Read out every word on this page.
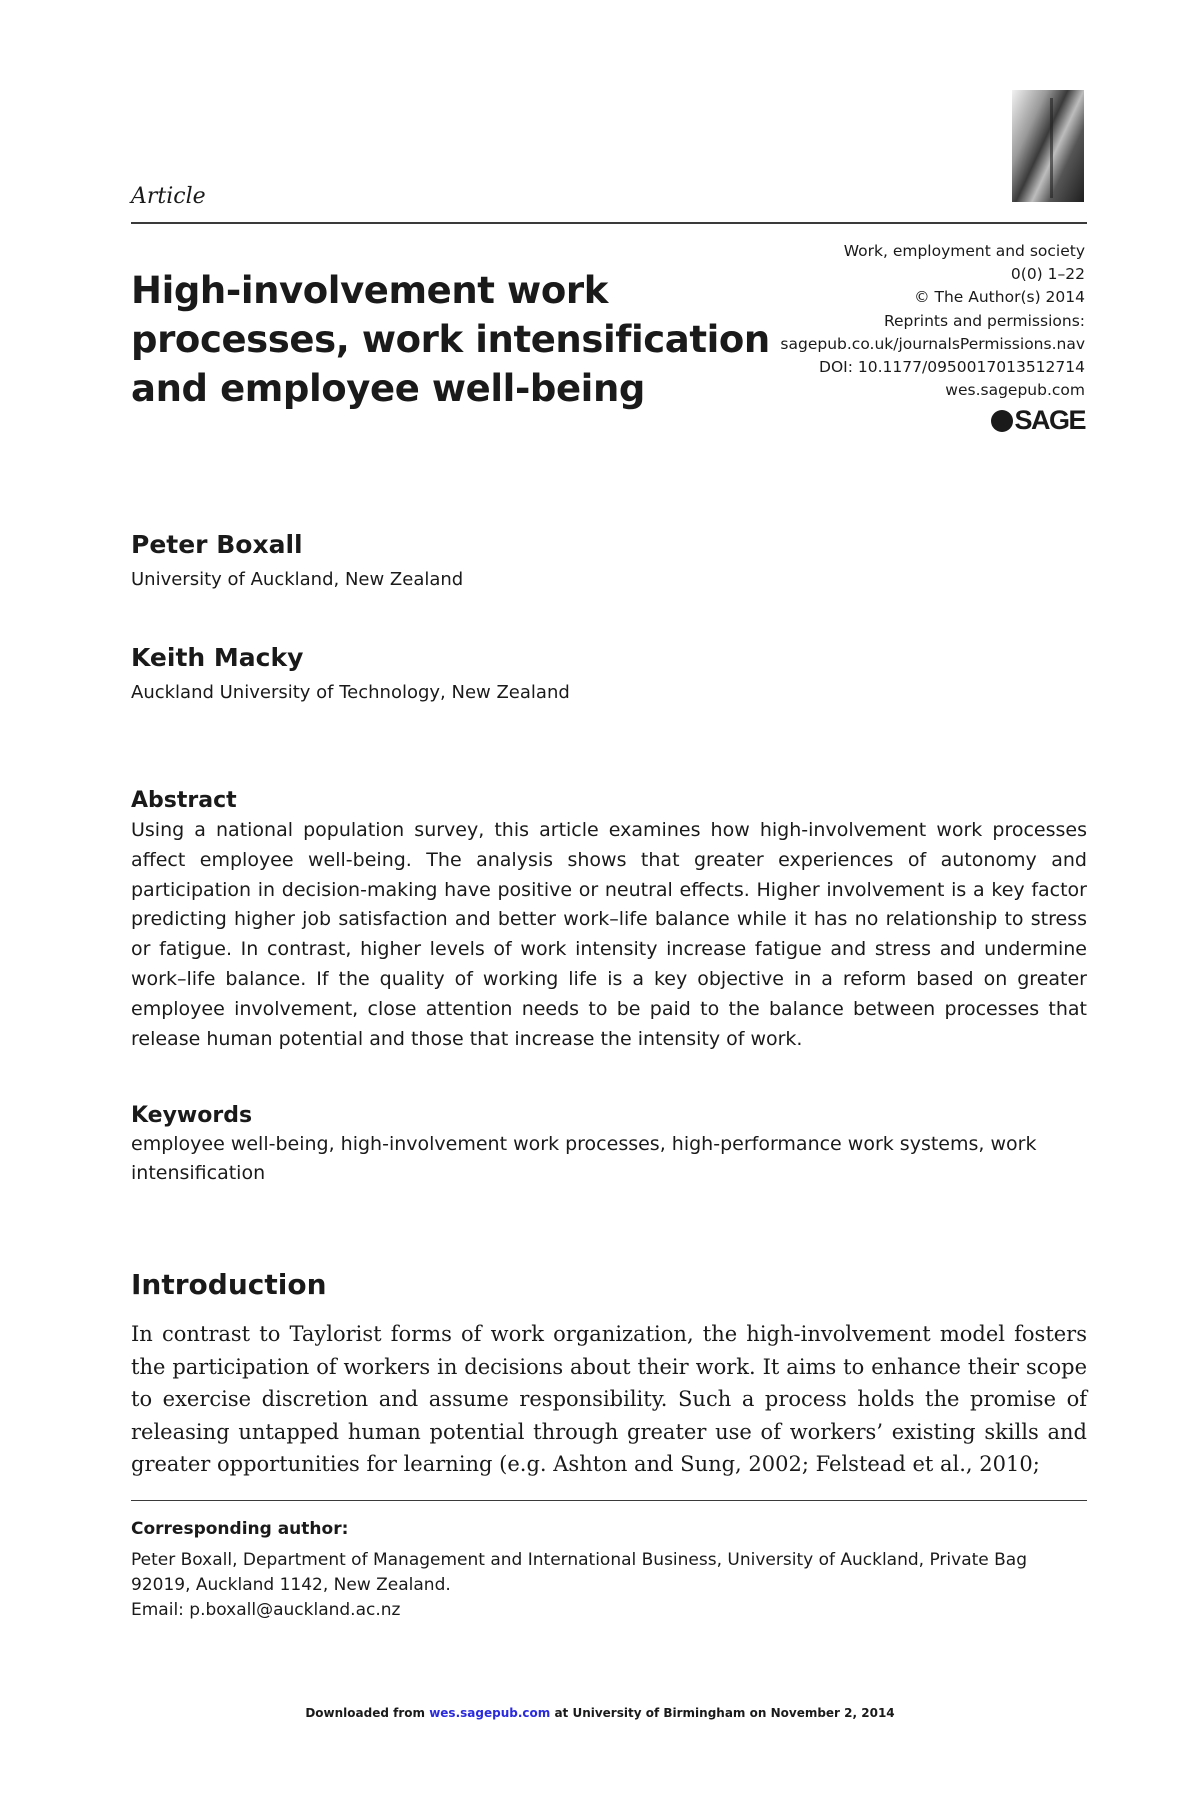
Article
High-involvement work processes, work intensification and employee well-being
Work, employment and society
0(0) 1–22
© The Author(s) 2014
Reprints and permissions:
sagepub.co.uk/journalsPermissions.nav
DOI: 10.1177/0950017013512714
wes.sagepub.com
SAGE
Peter Boxall
University of Auckland, New Zealand
Keith Macky
Auckland University of Technology, New Zealand
Abstract

Using a national population survey, this article examines how high-involvement work processes affect employee well-being. The analysis shows that greater experiences of autonomy and participation in decision-making have positive or neutral effects. Higher involvement is a key factor predicting higher job satisfaction and better work–life balance while it has no relationship to stress or fatigue. In contrast, higher levels of work intensity increase fatigue and stress and undermine work–life balance. If the quality of working life is a key objective in a reform based on greater employee involvement, close attention needs to be paid to the balance between processes that release human potential and those that increase the intensity of work.

Keywords

employee well-being, high-involvement work processes, high-performance work systems, work intensification

Introduction

In contrast to Taylorist forms of work organization, the high-involvement model fosters the participation of workers in decisions about their work. It aims to enhance their scope to exercise discretion and assume responsibility. Such a process holds the promise of releasing untapped human potential through greater use of workers’ existing skills and greater opportunities for learning (e.g. Ashton and Sung, 2002; Felstead et al., 2010;

Corresponding author:
Peter Boxall, Department of Management and International Business, University of Auckland, Private Bag 92019, Auckland 1142, New Zealand.
Email: p.boxall@auckland.ac.nz
Downloaded from wes.sagepub.com at University of Birmingham on November 2, 2014
